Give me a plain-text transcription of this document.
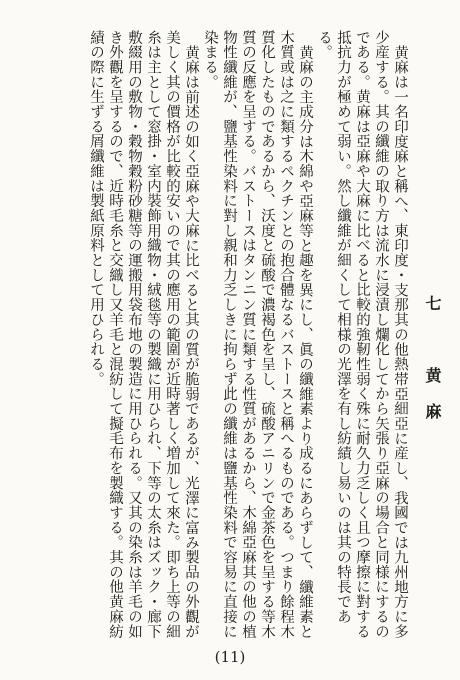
七　黄麻
黄麻は一名印度麻と稱へ、東印度・支那其の他熱帯亞細亞に産し、我國では九州地方に多少産する。其の纖維の取り方は流水に浸漬し爛化してから矢張り亞麻の場合と同様にするのである。黄麻は亞麻や大麻に比べると比較的強靭性弱く殊に耐久力乏しく且つ摩擦に對する抵抗力が極めて弱い。然し纖維が細くして相様の光澤を有し紡績し易いのは其の特長である。
黄麻の主成分は木綿や亞麻等と趣を異にし、眞の纖維素より成るにあらずして、纖維素と木質或は之に類するペクチンとの抱合體なるバストースと稱へるものである。つまり餘程木質化したものであるから、沃度と硫酸で濃褐色を呈し、硫酸アニリンで金茶色を呈する等木質の反應を呈する。バストースはタンニン質に類する性質があるから、木綿亞麻其の他の植物性纖維が、鹽基性染料に對し親和力乏しきに拘らず此の纖維は鹽基性染料で容易に直接に染まる。
黄麻は前述の如く亞麻や大麻に比べると其の質が脆弱であるが、光澤に富み製品の外觀が美しく其の價格が比較的安いので其の應用の範圍が近時著しく増加して來た。即ち上等の細糸は主として窓掛・室内裝飾用織物・絨毯等の製織に用ひられ、下等の太糸はズック・廊下敷綴用の敷物・穀物穀粉砂糖等の運搬用袋布地の製造に用ひられる。又其の染糸は羊毛の如き外觀を呈するので、近時毛糸と交織し又羊毛と混紡して擬毛布を製織する。其の他黄麻紡績の際に生ずる屑纖維は製紙原料として用ひられる。
(11)
